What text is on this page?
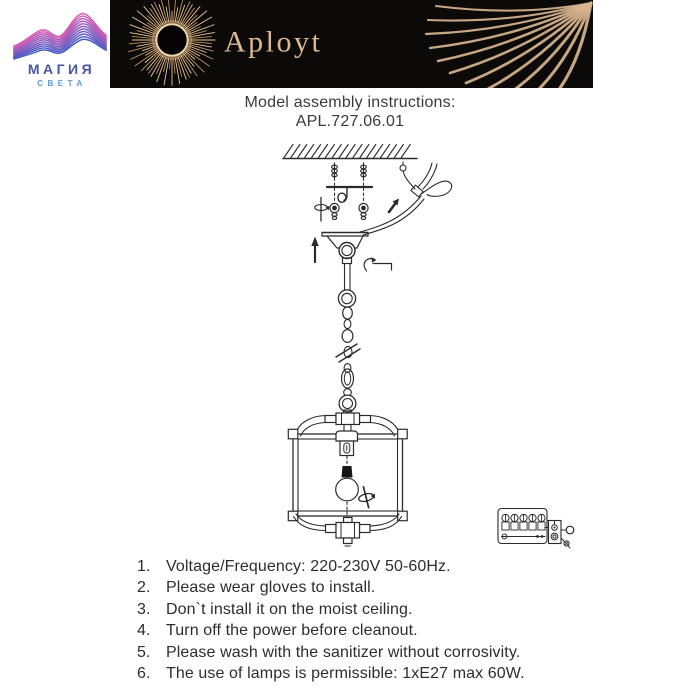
МАГИЯ
СВЕТА
Aployt
Model assembly instructions:
APL.727.06.01
1. Voltage/Frequency: 220-230V 50-60Hz.
2. Please wear gloves to install.
3. Don`t install it on the moist ceiling.
4. Turn off the power before cleanout.
5. Please wash with the sanitizer without corrosivity.
6. The use of lamps is permissible: 1xE27 max 60W.
